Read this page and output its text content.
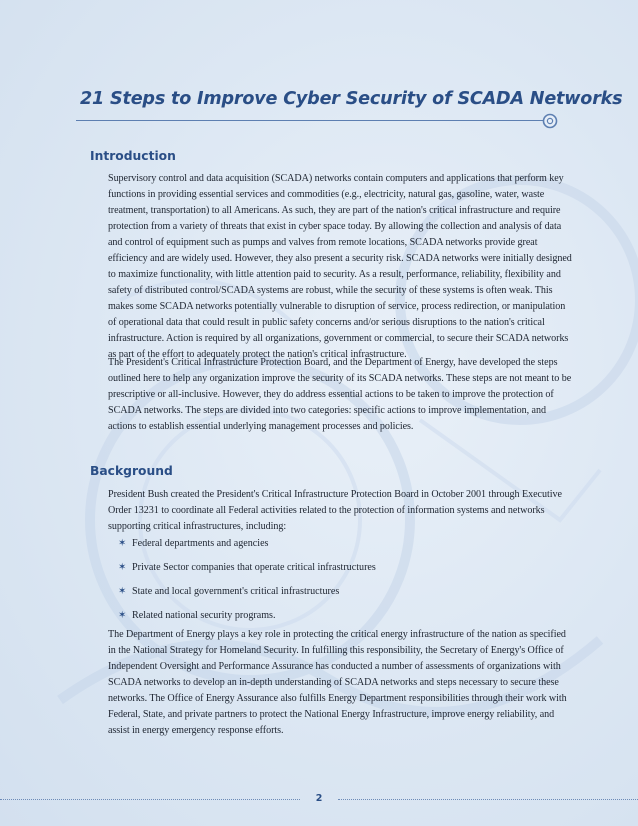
21 Steps to Improve Cyber Security of SCADA Networks
Introduction

Supervisory control and data acquisition (SCADA) networks contain computers and applications that perform key functions in providing essential services and commodities (e.g., electricity, natural gas, gasoline, water, waste treatment, transportation) to all Americans. As such, they are part of the nation's critical infrastructure and require protection from a variety of threats that exist in cyber space today. By allowing the collection and analysis of data and control of equipment such as pumps and valves from remote locations, SCADA networks provide great efficiency and are widely used. However, they also present a security risk. SCADA networks were initially designed to maximize functionality, with little attention paid to security. As a result, performance, reliability, flexibility and safety of distributed control/SCADA systems are robust, while the security of these systems is often weak. This makes some SCADA networks potentially vulnerable to disruption of service, process redirection, or manipulation of operational data that could result in public safety concerns and/or serious disruptions to the nation's critical infrastructure. Action is required by all organizations, government or commercial, to secure their SCADA networks as part of the effort to adequately protect the nation's critical infrastructure.

The President's Critical Infrastructure Protection Board, and the Department of Energy, have developed the steps outlined here to help any organization improve the security of its SCADA networks. These steps are not meant to be prescriptive or all-inclusive. However, they do address essential actions to be taken to improve the protection of SCADA networks. The steps are divided into two categories: specific actions to improve implementation, and actions to establish essential underlying management processes and policies.

Background

President Bush created the President's Critical Infrastructure Protection Board in October 2001 through Executive Order 13231 to coordinate all Federal activities related to the protection of information systems and networks supporting critical infrastructures, including:

✶ Federal departments and agencies
✶ Private Sector companies that operate critical infrastructures
✶ State and local government's critical infrastructures
✶ Related national security programs.

The Department of Energy plays a key role in protecting the critical energy infrastructure of the nation as specified in the National Strategy for Homeland Security. In fulfilling this responsibility, the Secretary of Energy's Office of Independent Oversight and Performance Assurance has conducted a number of assessments of organizations with SCADA networks to develop an in-depth understanding of SCADA networks and steps necessary to secure these networks. The Office of Energy Assurance also fulfills Energy Department responsibilities through their work with Federal, State, and private partners to protect the National Energy Infrastructure, improve energy reliability, and assist in energy emergency response efforts.

2
